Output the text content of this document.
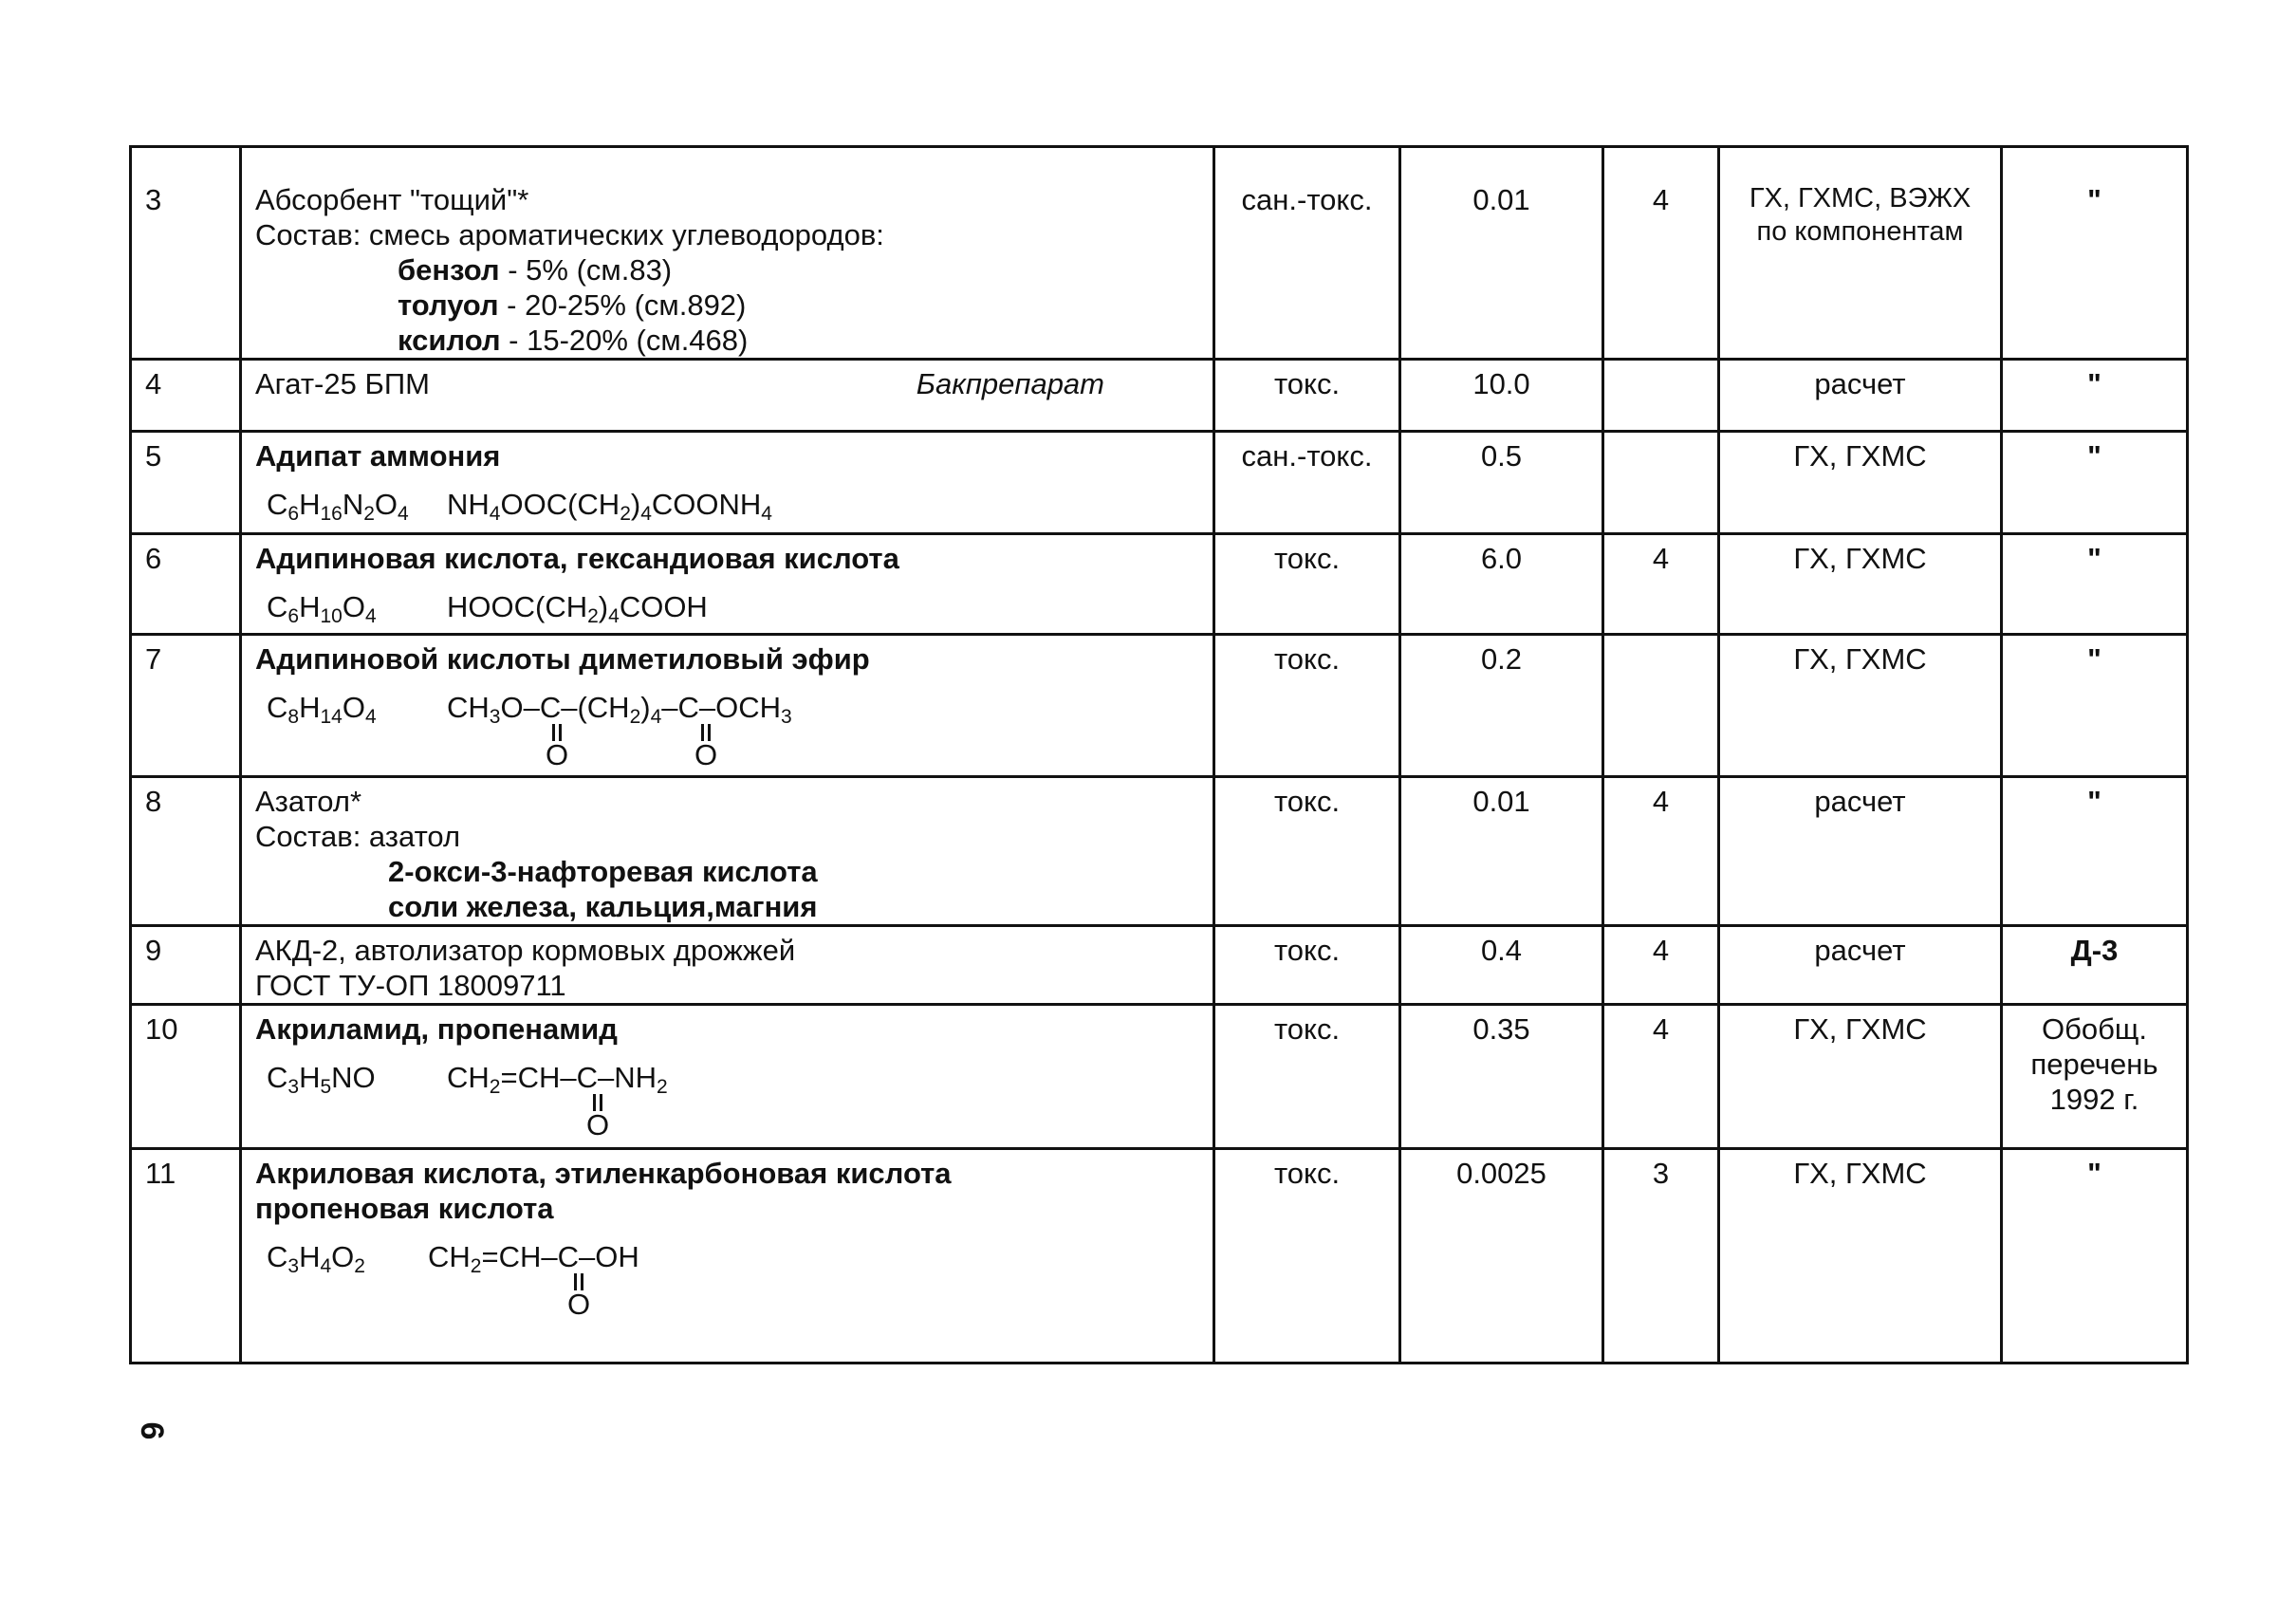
3	Абсорбент "тощий"*
Состав: смесь ароматических углеводородов:
бензол - 5% (см.83)
толуол - 20-25% (см.892)
ксилол - 15-20% (см.468)	сан.-токс.	0.01	4	ГХ, ГХМС, ВЭЖХ по компонентам	"
4	Агат-25 БПМ Бакпрепарат	токс.	10.0		расчет	"
5	Адипат аммония
$C_6H_{16}N_2O_4$ $NH_4OOC(CH_2)_4COONH_4$	сан.-токс.	0.5		ГХ, ГХМС	"
6	Адипиновая кислота, гександиовая кислота
$C_6H_{10}O_4$ $HOOC(CH_2)_4COOH$	токс.	6.0	4	ГХ, ГХМС	"
7	Адипиновой кислоты диметиловый эфир
$C_8H_{14}O_4$ $CH_3O-C-(CH_2)_4-C-OCH_3$
O O	токс.	0.2		ГХ, ГХМС	"
8	Азатол*
Состав: азатол
2-окси-3-нафторевая кислота
соли железа, кальция,магния	токс.	0.01	4	расчет	"
9	АКД-2, автолизатор кормовых дрожжей
ГОСТ ТУ-ОП 18009711	токс.	0.4	4	расчет	Д-3
10	Акриламид, пропенамид
$C_3H_5NO$ $CH_2=CH-C-NH_2$
O	токс.	0.35	4	ГХ, ГХМС	Обобщ.
перечень
1992 г.

11	Акриловая кислота, этиленкарбоновая кислота
пропеновая кислота
$C_3H_4O_2$ $CH_2=CH-C-OH$
O	токс.	0.0025	3	ГХ, ГХМС	"
6
